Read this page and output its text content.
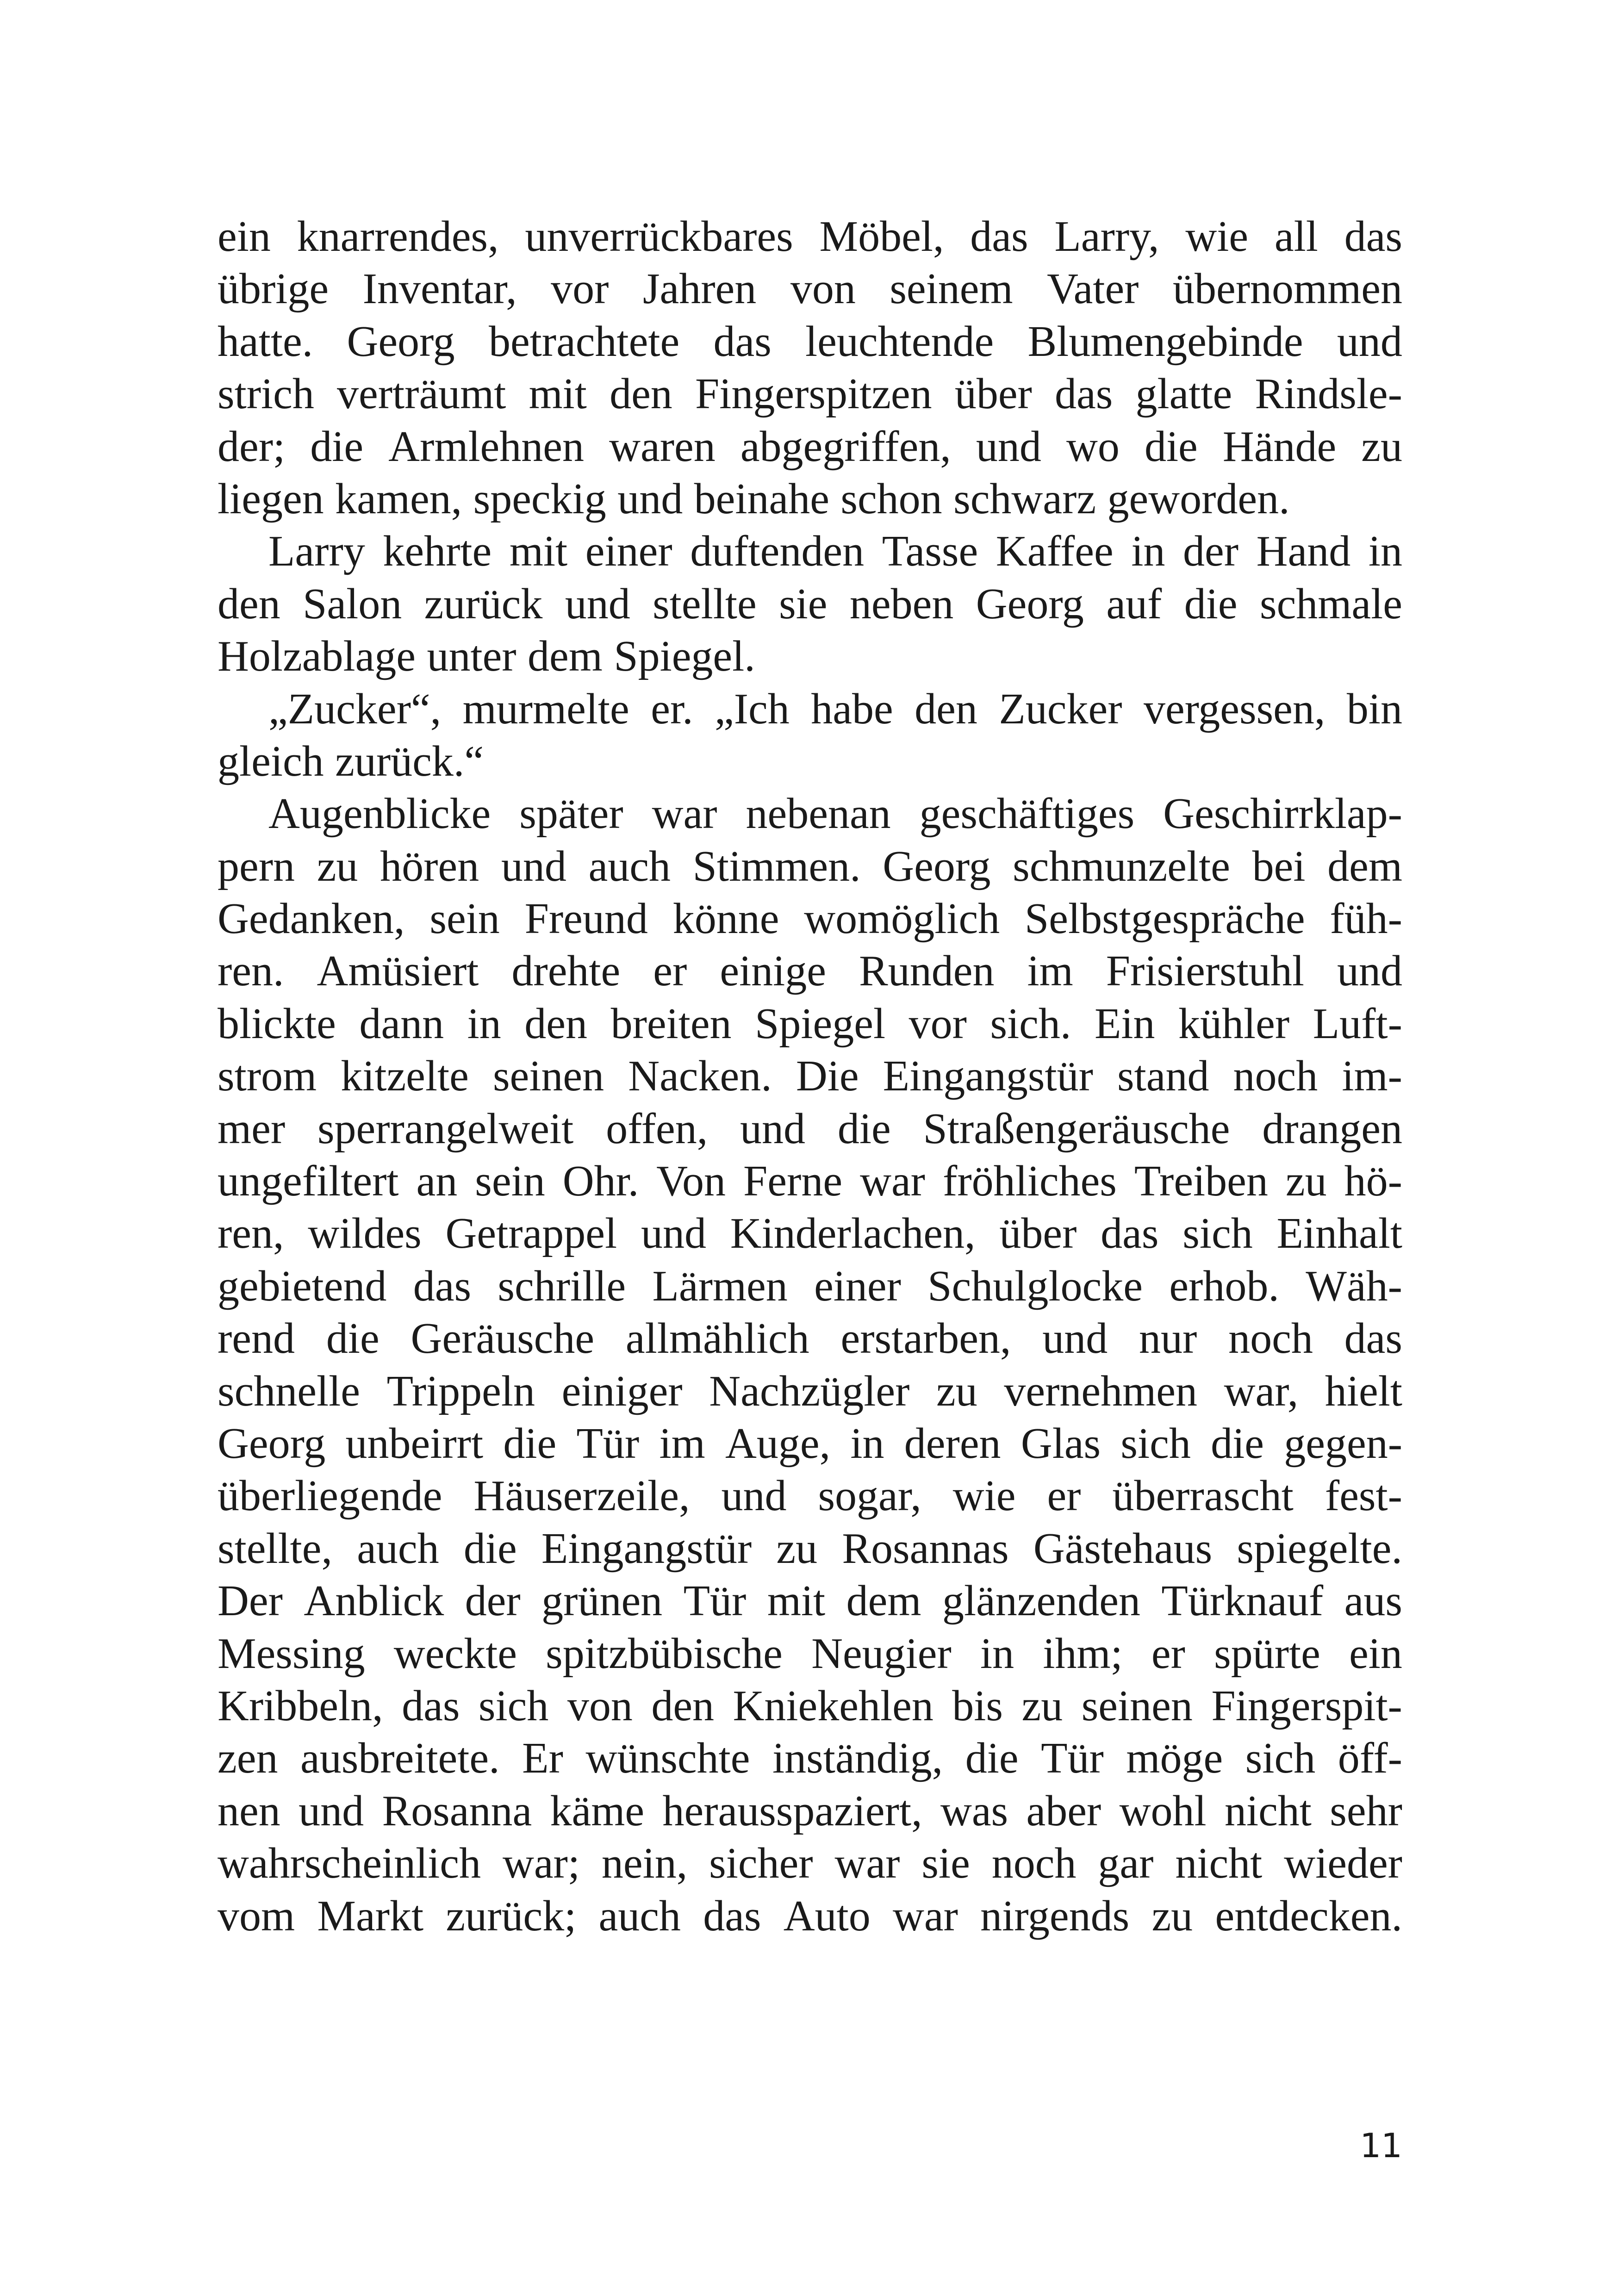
ein knarrendes, unverrückbares Möbel, das Larry, wie all das
übrige Inventar, vor Jahren von seinem Vater übernommen
hatte. Georg betrachtete das leuchtende Blumengebinde und
strich verträumt mit den Fingerspitzen über das glatte Rindsle-
der; die Armlehnen waren abgegriffen, und wo die Hände zu
liegen kamen, speckig und beinahe schon schwarz geworden.
Larry kehrte mit einer duftenden Tasse Kaffee in der Hand in
den Salon zurück und stellte sie neben Georg auf die schmale
Holzablage unter dem Spiegel.
„Zucker“, murmelte er. „Ich habe den Zucker vergessen, bin
gleich zurück.“
Augenblicke später war nebenan geschäftiges Geschirrklap-
pern zu hören und auch Stimmen. Georg schmunzelte bei dem
Gedanken, sein Freund könne womöglich Selbstgespräche füh-
ren. Amüsiert drehte er einige Runden im Frisierstuhl und
blickte dann in den breiten Spiegel vor sich. Ein kühler Luft-
strom kitzelte seinen Nacken. Die Eingangstür stand noch im-
mer sperrangelweit offen, und die Straßengeräusche drangen
ungefiltert an sein Ohr. Von Ferne war fröhliches Treiben zu hö-
ren, wildes Getrappel und Kinderlachen, über das sich Einhalt
gebietend das schrille Lärmen einer Schulglocke erhob. Wäh-
rend die Geräusche allmählich erstarben, und nur noch das
schnelle Trippeln einiger Nachzügler zu vernehmen war, hielt
Georg unbeirrt die Tür im Auge, in deren Glas sich die gegen-
überliegende Häuserzeile, und sogar, wie er überrascht fest-
stellte, auch die Eingangstür zu Rosannas Gästehaus spiegelte.
Der Anblick der grünen Tür mit dem glänzenden Türknauf aus
Messing weckte spitzbübische Neugier in ihm; er spürte ein
Kribbeln, das sich von den Kniekehlen bis zu seinen Fingerspit-
zen ausbreitete. Er wünschte inständig, die Tür möge sich öff-
nen und Rosanna käme herausspaziert, was aber wohl nicht sehr
wahrscheinlich war; nein, sicher war sie noch gar nicht wieder
vom Markt zurück; auch das Auto war nirgends zu entdecken.
11
